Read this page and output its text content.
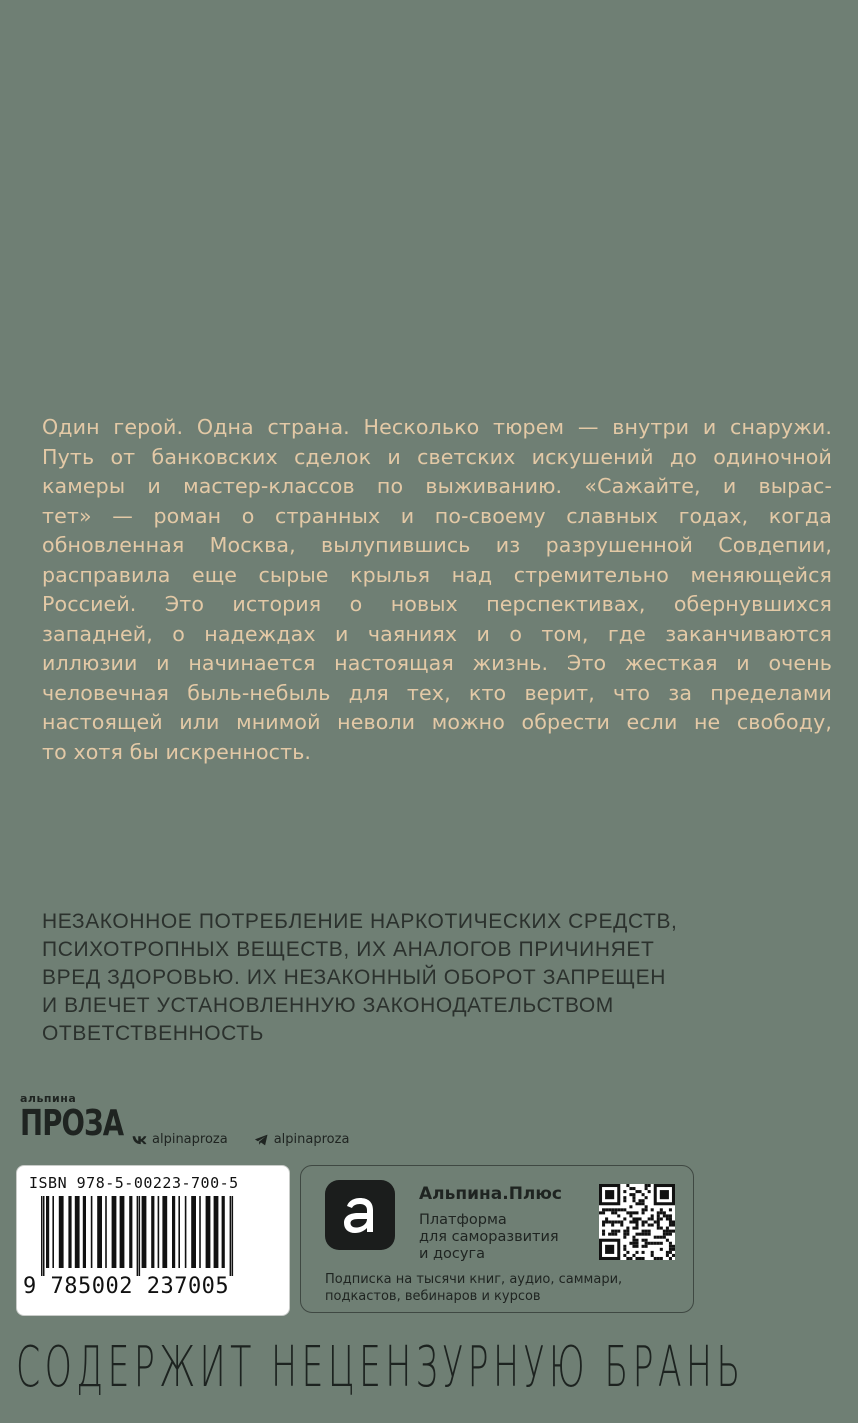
Один герой. Одна страна. Несколько тюрем — внутри и снаружи.
Путь от банковских сделок и светских искушений до одиночной
камеры и мастер-классов по выживанию. «Сажайте, и вырас-
тет» — роман о странных и по-своему славных годах, когда
обновленная Москва, вылупившись из разрушенной Совдепии,
расправила еще сырые крылья над стремительно меняющейся
Россией. Это история о новых перспективах, обернувшихся
западней, о надеждах и чаяниях и о том, где заканчиваются
иллюзии и начинается настоящая жизнь. Это жесткая и очень
человечная быль-небыль для тех, кто верит, что за пределами
настоящей или мнимой неволи можно обрести если не свободу,
то хотя бы искренность.
НЕЗАКОННОЕ ПОТРЕБЛЕНИЕ НАРКОТИЧЕСКИХ СРЕДСТВ,
ПСИХОТРОПНЫХ ВЕЩЕСТВ, ИХ АНАЛОГОВ ПРИЧИНЯЕТ
ВРЕД ЗДОРОВЬЮ. ИХ НЕЗАКОННЫЙ ОБОРОТ ЗАПРЕЩЕН
И ВЛЕЧЕТ УСТАНОВЛЕННУЮ ЗАКОНОДАТЕЛЬСТВОМ
ОТВЕТСТВЕННОСТЬ
альпина
ПРОЗА alpinaproza	alpinaproza
ISBN 978-5-00223-700-5
9 785002 237005
Альпина.Плюс
Платформа
для саморазвития
и досуга
Подписка на тысячи книг, аудио, саммари,
подкастов, вебинаров и курсов
СОДЕРЖИТ НЕЦЕНЗУРНУЮ БРАНЬ
